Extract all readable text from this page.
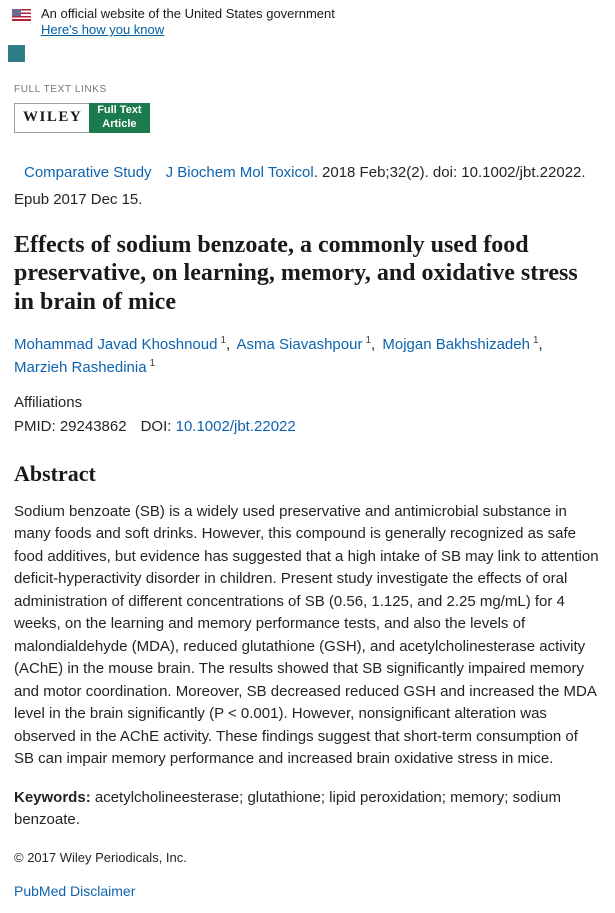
An official website of the United States government
Here's how you know
FULL TEXT LINKS
WILEY	Full Text
Article

Comparative Study J Biochem Mol Toxicol. 2018 Feb;32(2). doi: 10.1002/jbt.22022. Epub 2017 Dec 15.

Effects of sodium benzoate, a commonly used food preservative, on learning, memory, and oxidative stress in brain of mice

Mohammad Javad Khoshnoud $^1$, Asma Siavashpour $^1$, Mojgan Bakhshizadeh $^1$, Marzieh Rashedinia $^1$

Affiliations

PMID: 29243862 DOI: 10.1002/jbt.22022

Abstract

Sodium benzoate (SB) is a widely used preservative and antimicrobial substance in many foods and soft drinks. However, this compound is generally recognized as safe food additives, but evidence has suggested that a high intake of SB may link to attention deficit-hyperactivity disorder in children. Present study investigate the effects of oral administration of different concentrations of SB (0.56, 1.125, and 2.25 mg/mL) for 4 weeks, on the learning and memory performance tests, and also the levels of malondialdehyde (MDA), reduced glutathione (GSH), and acetylcholinesterase activity (AChE) in the mouse brain. The results showed that SB significantly impaired memory and motor coordination. Moreover, SB decreased reduced GSH and increased the MDA level in the brain significantly (P < 0.001). However, nonsignificant alteration was observed in the AChE activity. These findings suggest that short-term consumption of SB can impair memory performance and increased brain oxidative stress in mice.

Keywords: acetylcholineesterase; glutathione; lipid peroxidation; memory; sodium benzoate.

© 2017 Wiley Periodicals, Inc.

PubMed Disclaimer
